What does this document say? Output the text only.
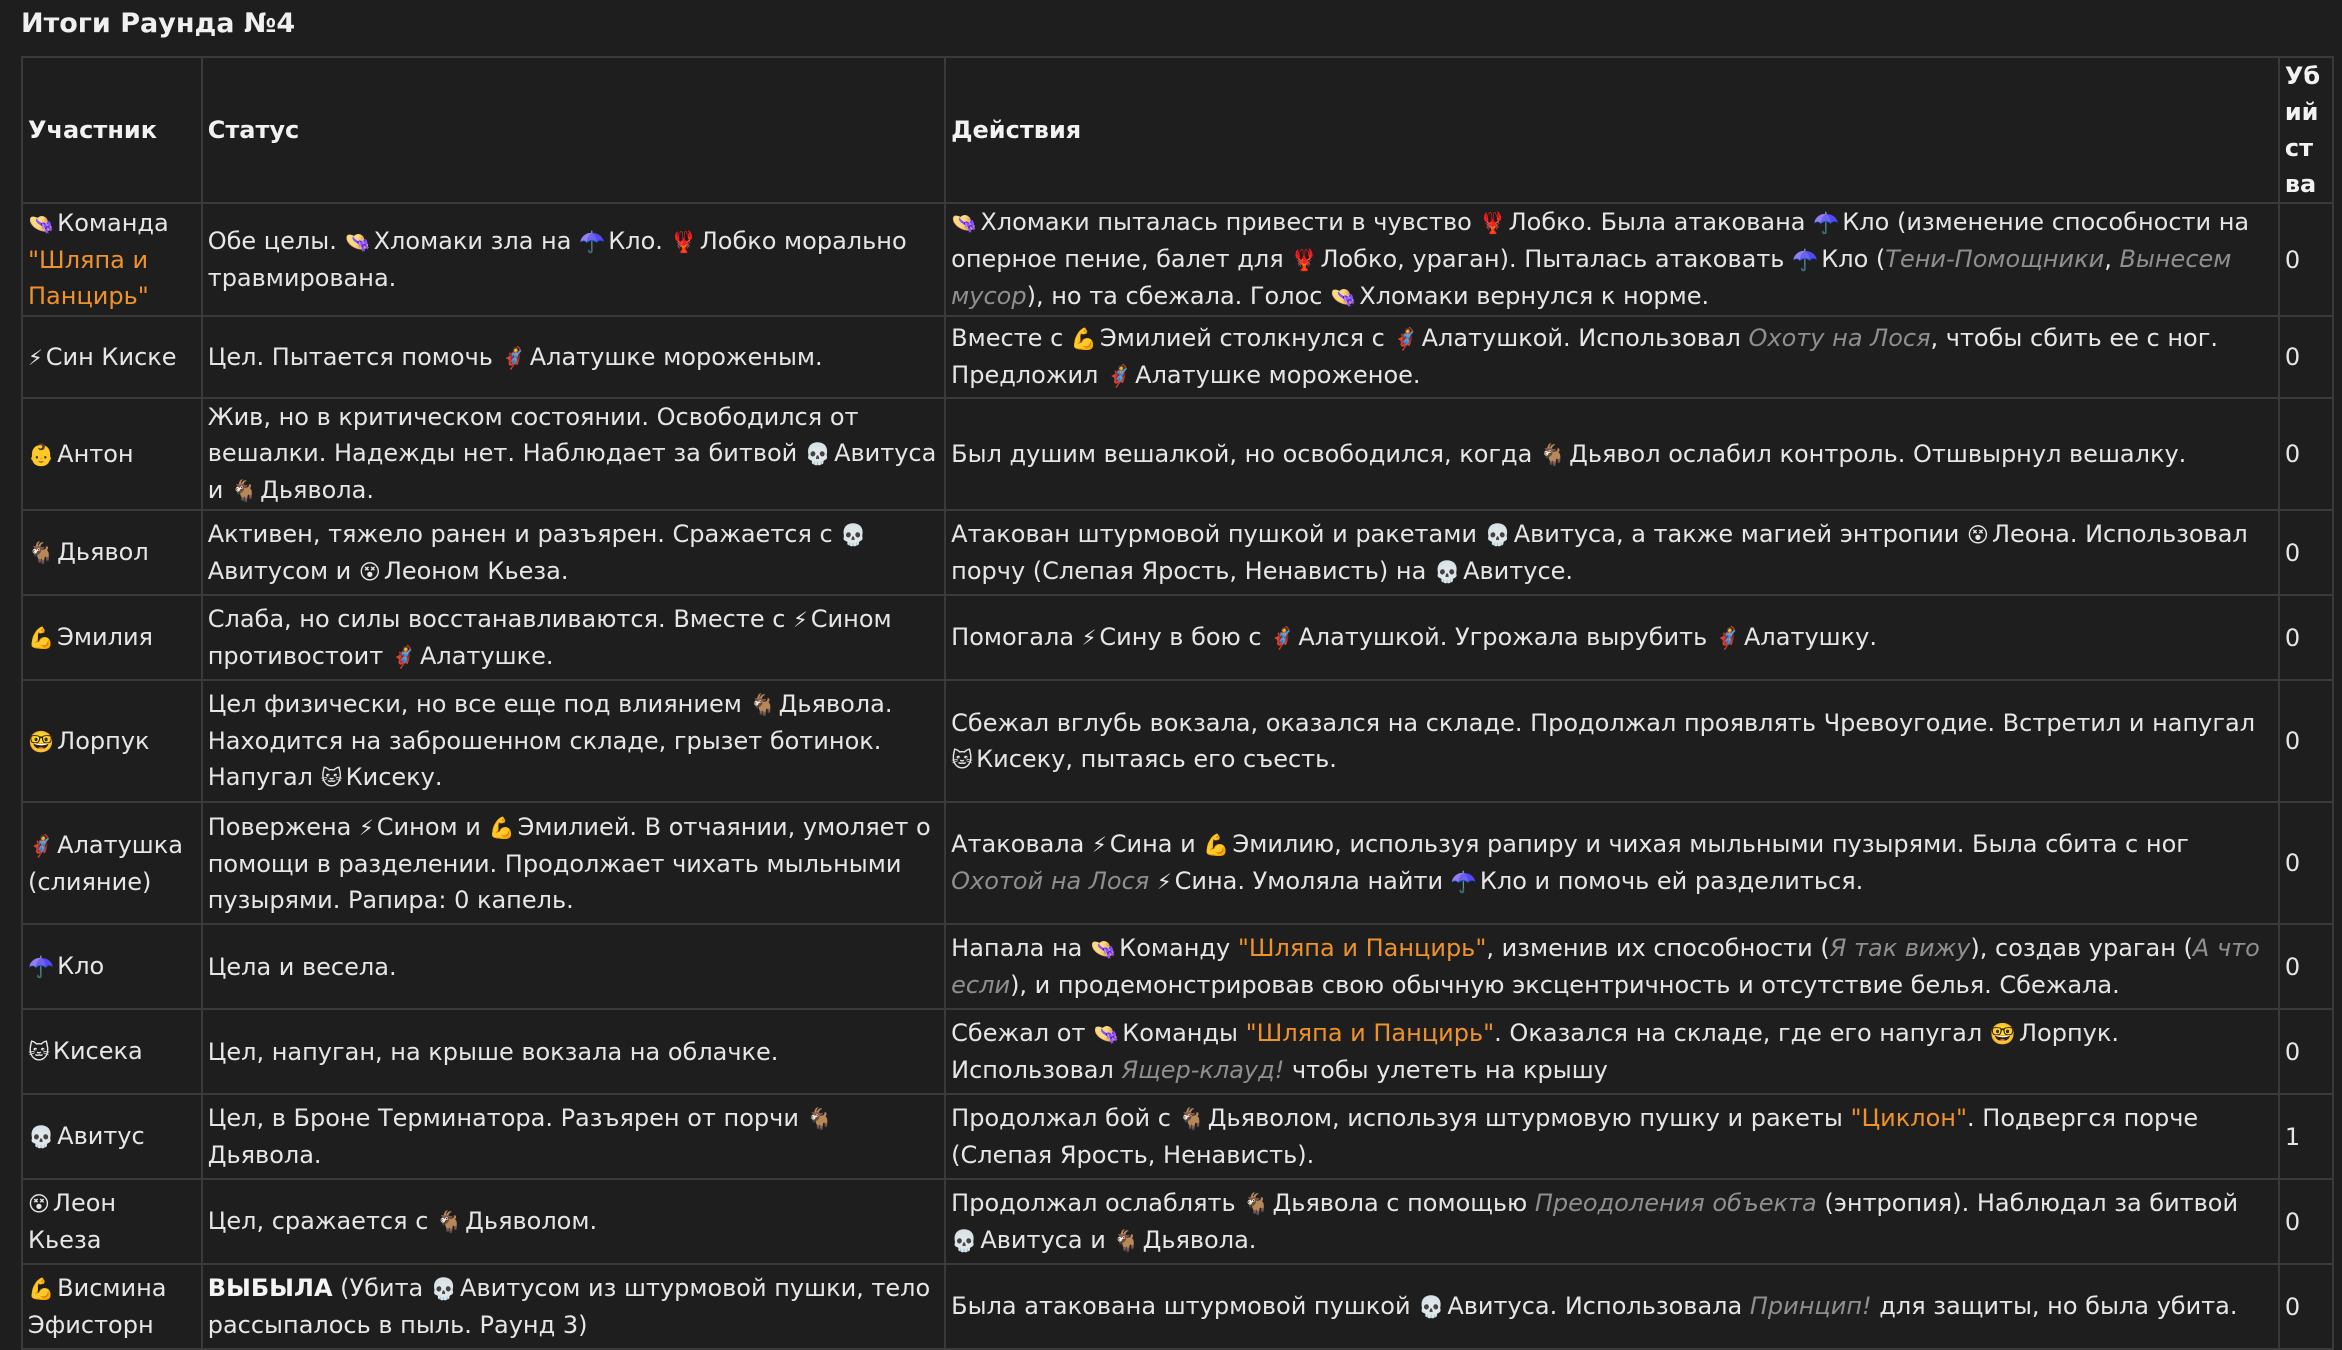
Итоги Раунда №4
Участник	Статус	Действия	Убийства
👒 Команда "Шляпа и Панцирь"	Обе целы. 👒 Хломаки зла на ☂️ Кло. 🦞 Лобко морально травмирована.	👒 Хломаки пыталась привести в чувство 🦞 Лобко. Была атакована ☂️ Кло (изменение способности на оперное пение, балет для 🦞 Лобко, ураган). Пыталась атаковать ☂️ Кло (Тени-Помощники, Вынесем мусор), но та сбежала. Голос 👒 Хломаки вернулся к норме.	0
⚡ Син Киске	Цел. Пытается помочь 🦸 Алатушке мороженым.	Вместе с 💪 Эмилией столкнулся с 🦸 Алатушкой. Использовал Охоту на Лося, чтобы сбить ее с ног. Предложил 🦸 Алатушке мороженое.	0
👶 Антон	Жив, но в критическом состоянии. Освободился от вешалки. Надежды нет. Наблюдает за битвой 💀 Авитуса и 🐐 Дьявола.	Был душим вешалкой, но освободился, когда 🐐 Дьявол ослабил контроль. Отшвырнул вешалку.	0
🐐 Дьявол	Активен, тяжело ранен и разъярен. Сражается с 💀Авитусом и 😵 Леоном Кьеза.	Атакован штурмовой пушкой и ракетами 💀 Авитуса, а также магией энтропии 😵 Леона. Использовал порчу (Слепая Ярость, Ненависть) на 💀 Авитусе.	0
💪 Эмилия	Слаба, но силы восстанавливаются. Вместе с ⚡ Сином противостоит 🦸 Алатушке.	Помогала ⚡ Сину в бою с 🦸 Алатушкой. Угрожала вырубить 🦸 Алатушку.	0
🤓 Лорпук	Цел физически, но все еще под влиянием 🐐 Дьявола. Находится на заброшенном складе, грызет ботинок. Напугал 🐱 Кисеку.	Сбежал вглубь вокзала, оказался на складе. Продолжал проявлять Чревоугодие. Встретил и напугал 🐱 Кисеку, пытаясь его съесть.	0
🦸 Алатушка (слияние)	Повержена ⚡ Сином и 💪 Эмилией. В отчаянии, умоляет о помощи в разделении. Продолжает чихать мыльными пузырями. Рапира: 0 капель.	Атаковала ⚡ Сина и 💪 Эмилию, используя рапиру и чихая мыльными пузырями. Была сбита с ног Охотой на Лося ⚡ Сина. Умоляла найти ☂️ Кло и помочь ей разделиться.	0
☂️ Кло	Цела и весела.	Напала на 👒 Команду "Шляпа и Панцирь", изменив их способности (Я так вижу), создав ураган (А что если), и продемонстрировав свою обычную эксцентричность и отсутствие белья. Сбежала.	0
🐱 Кисека	Цел, напуган, на крыше вокзала на облачке.	Сбежал от 👒 Команды "Шляпа и Панцирь". Оказался на складе, где его напугал 🤓 Лорпук. Использовал Ящер-клауд! чтобы улететь на крышу	0
💀 Авитус	Цел, в Броне Терминатора. Разъярен от порчи 🐐Дьявола.	Продолжал бой с 🐐 Дьяволом, используя штурмовую пушку и ракеты "Циклон". Подвергся порче (Слепая Ярость, Ненависть).	1
😵 Леон Кьеза	Цел, сражается с 🐐 Дьяволом.	Продолжал ослаблять 🐐 Дьявола с помощью Преодоления объекта (энтропия). Наблюдал за битвой 💀 Авитуса и 🐐 Дьявола.	0
💪 Висмина Эфисторн	ВЫБЫЛА (Убита 💀 Авитусом из штурмовой пушки, тело рассыпалось в пыль. Раунд 3)	Была атакована штурмовой пушкой 💀 Авитуса. Использовала Принцип! для защиты, но была убита.	0
